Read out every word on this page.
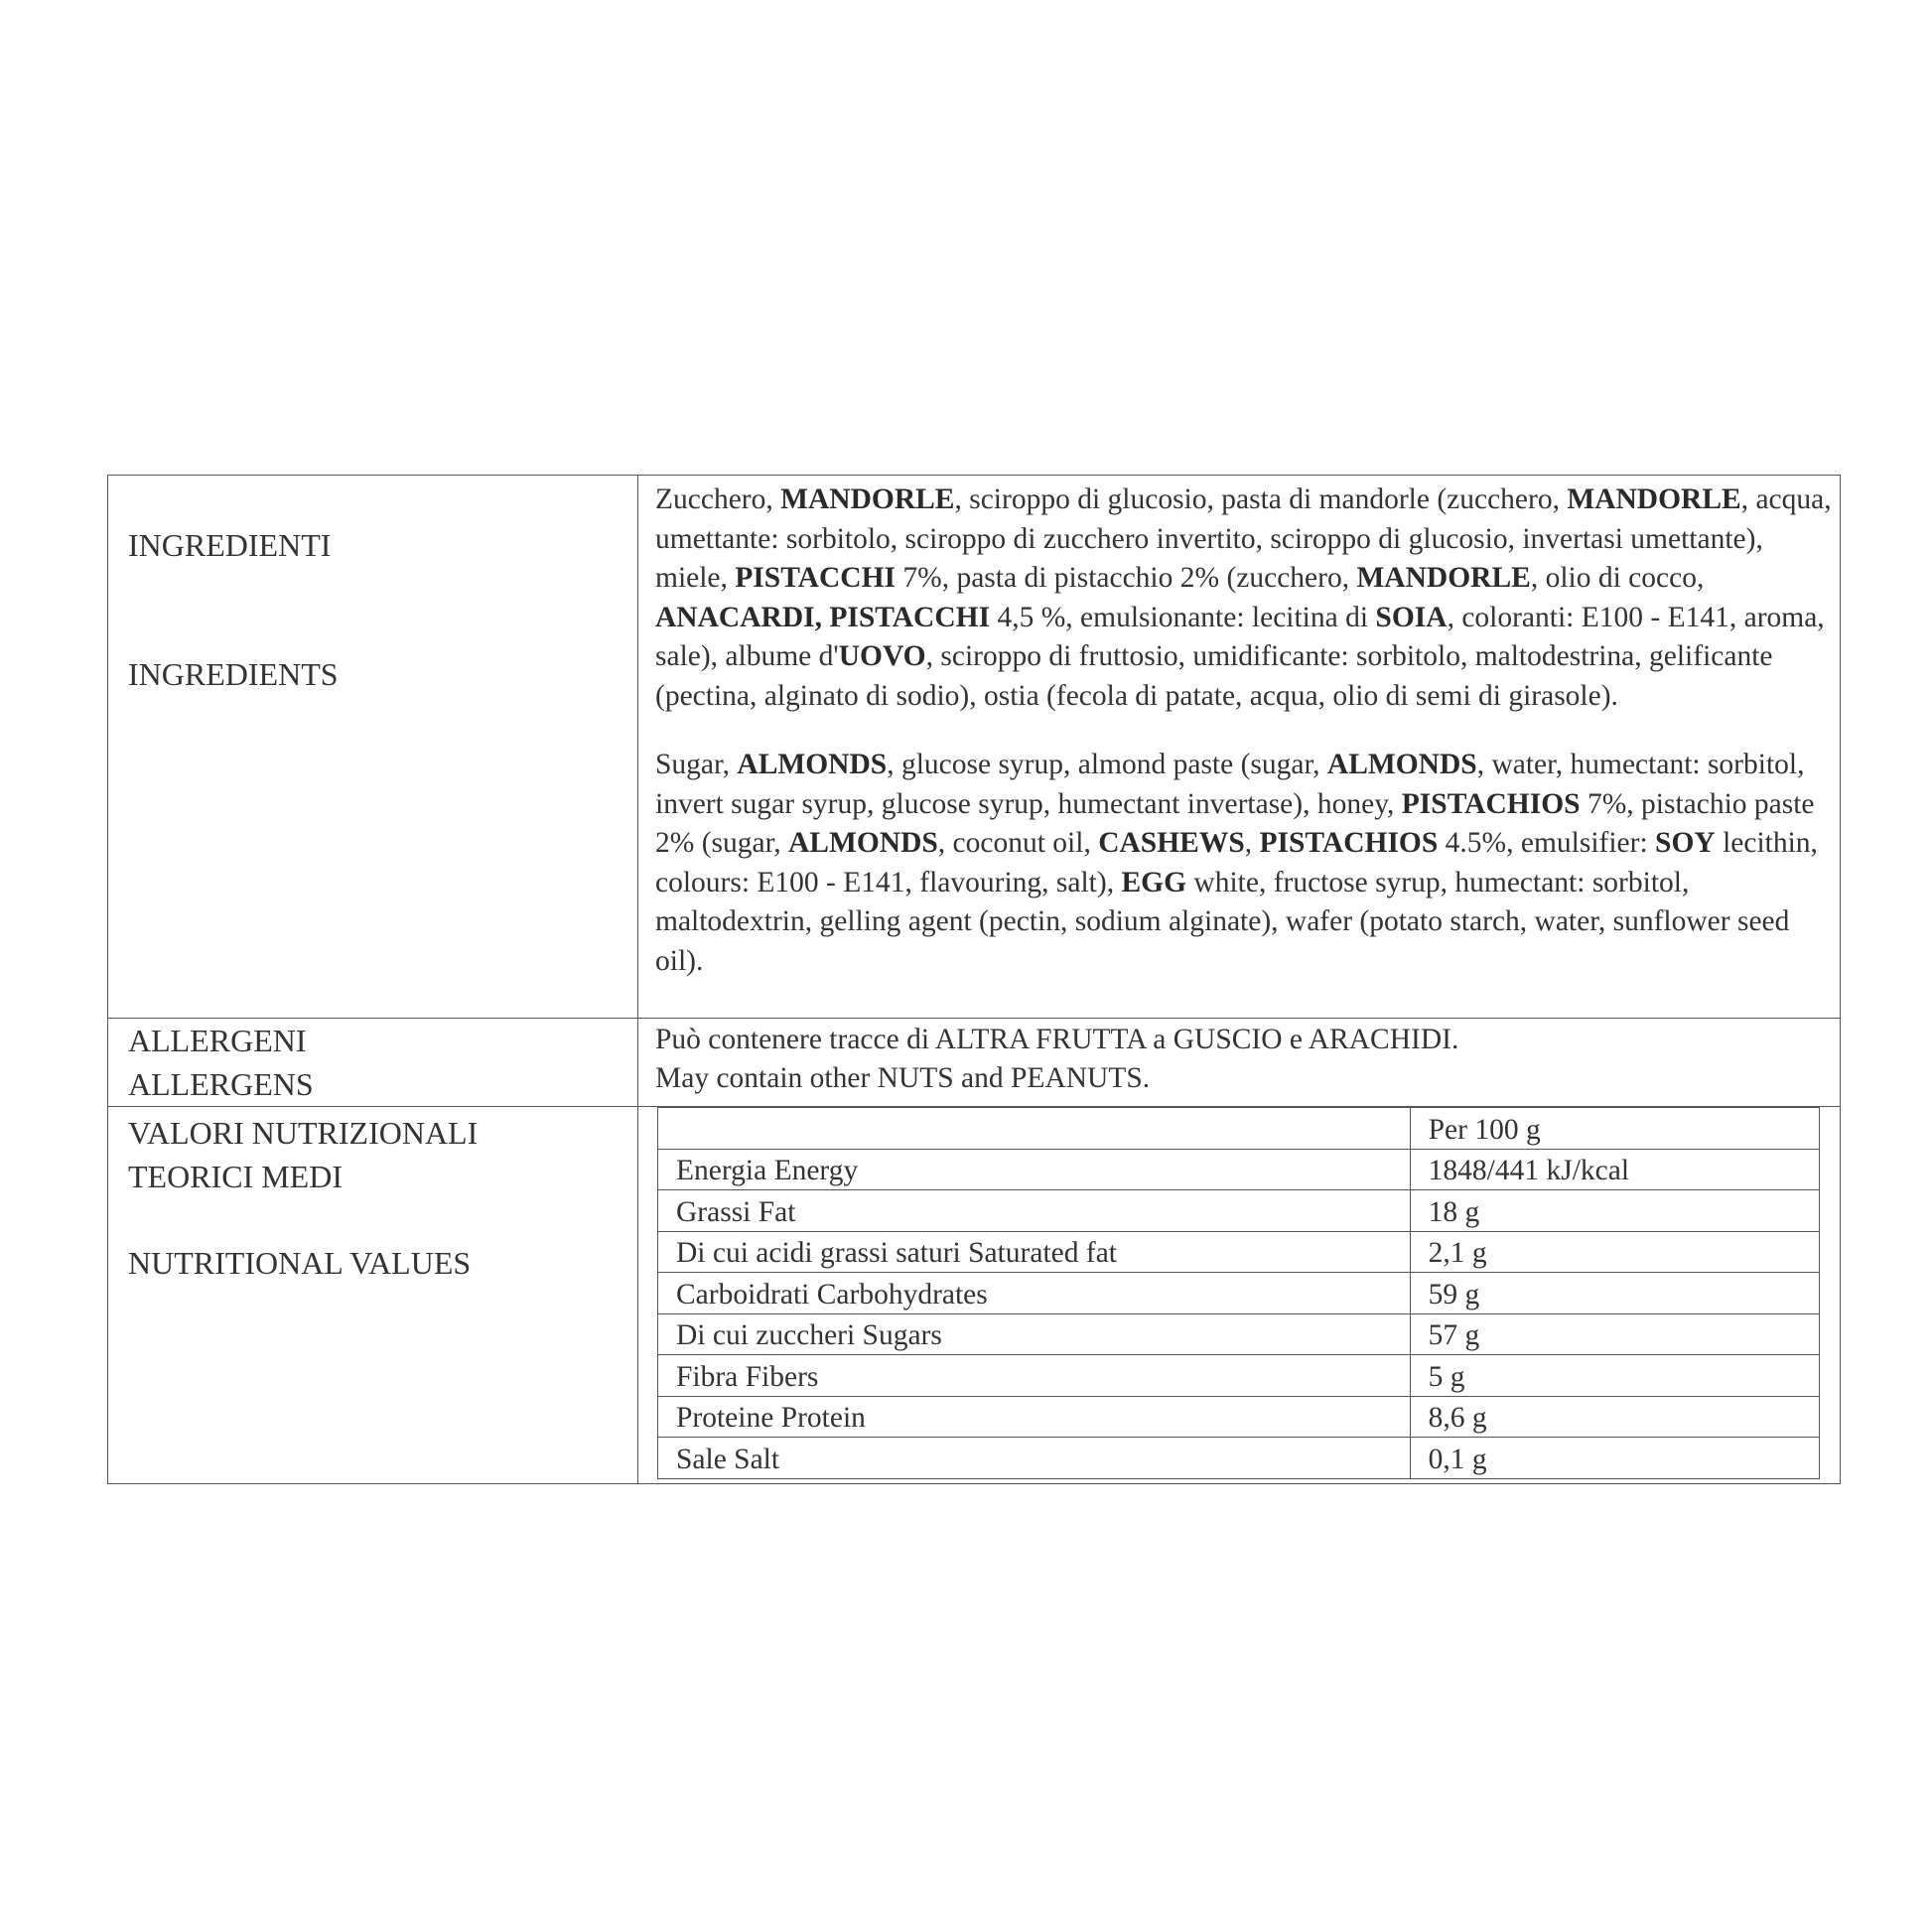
INGREDIENTI
INGREDIENTS

Zucchero, MANDORLE, sciroppo di glucosio, pasta di mandorle (zucchero, MANDORLE, acqua, umettante: sorbitolo, sciroppo di zucchero invertito, sciroppo di glucosio, invertasi umettante), miele, PISTACCHI 7%, pasta di pistacchio 2% (zucchero, MANDORLE, olio di cocco, ANACARDI, PISTACCHI 4,5 %, emulsionante: lecitina di SOIA, coloranti: E100 - E141, aroma, sale), albume d'UOVO, sciroppo di fruttosio, umidificante: sorbitolo, maltodestrina, gelificante (pectina, alginato di sodio), ostia (fecola di patate, acqua, olio di semi di girasole).

Sugar, ALMONDS, glucose syrup, almond paste (sugar, ALMONDS, water, humectant: sorbitol, invert sugar syrup, glucose syrup, humectant invertase), honey, PISTACHIOS 7%, pistachio paste 2% (sugar, ALMONDS, coconut oil, CASHEWS, PISTACHIOS 4.5%, emulsifier: SOY lecithin, colours: E100 - E141, flavouring, salt), EGG white, fructose syrup, humectant: sorbitol, maltodextrin, gelling agent (pectin, sodium alginate), wafer (potato starch, water, sunflower seed oil).

ALLERGENI
ALLERGENS

Può contenere tracce di ALTRA FRUTTA a GUSCIO e ARACHIDI.
May contain other NUTS and PEANUTS.

VALORI NUTRIZIONALI
TEORICI MEDI
NUTRITIONAL VALUES

	Per 100 g
Energia Energy	1848/441 kJ/kcal
Grassi Fat	18 g
Di cui acidi grassi saturi Saturated fat	2,1 g
Carboidrati Carbohydrates	59 g
Di cui zuccheri Sugars	57 g
Fibra Fibers	5 g
Proteine Protein	8,6 g
Sale Salt	0,1 g
